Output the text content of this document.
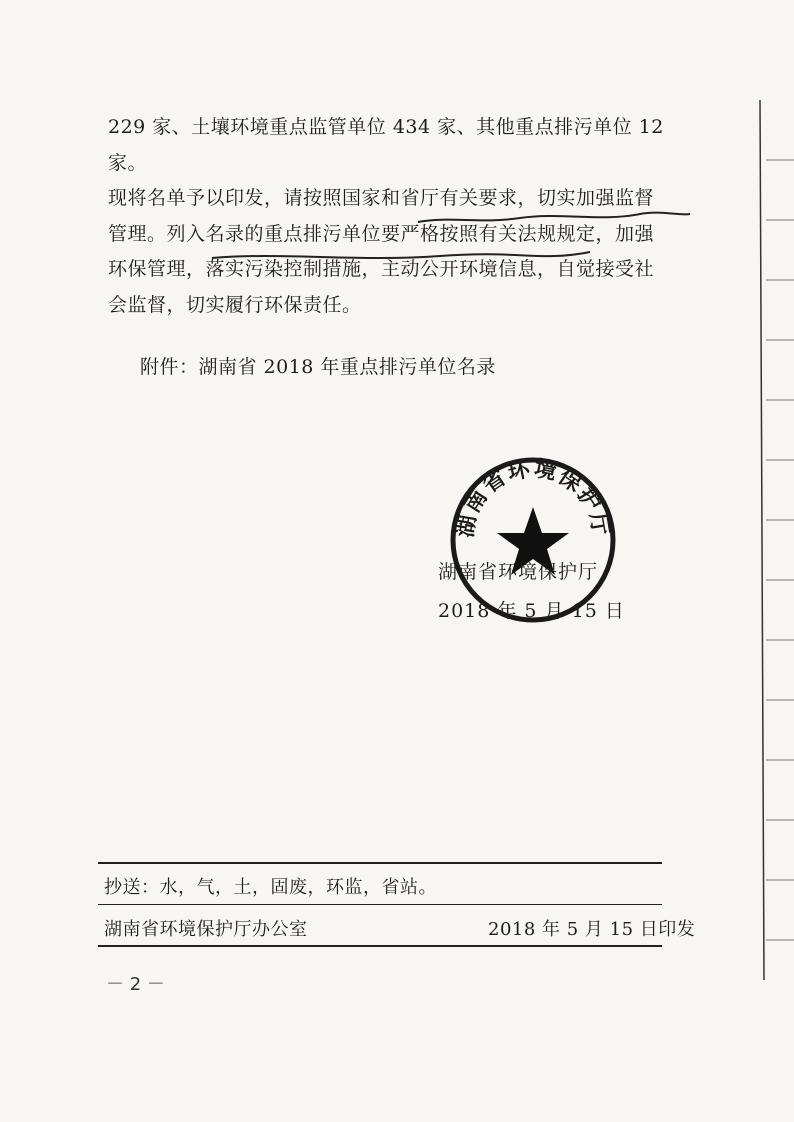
229 家、土壤环境重点监管单位 434 家、其他重点排污单位 12 家。

现将名单予以印发，请按照国家和省厅有关要求，切实加强监督

管理。列入名录的重点排污单位要严格按照有关法规规定，加强

环保管理，落实污染控制措施，主动公开环境信息，自觉接受社

会监督，切实履行环保责任。

附件：湖南省 2018 年重点排污单位名录
湖南省环境保护厅
湖南省环境保护厅
2018 年 5 月 15 日
抄送：水，气，土，固废，环监，省站。
湖南省环境保护厅办公室	2018 年 5 月 15 日印发
－ 2 －
